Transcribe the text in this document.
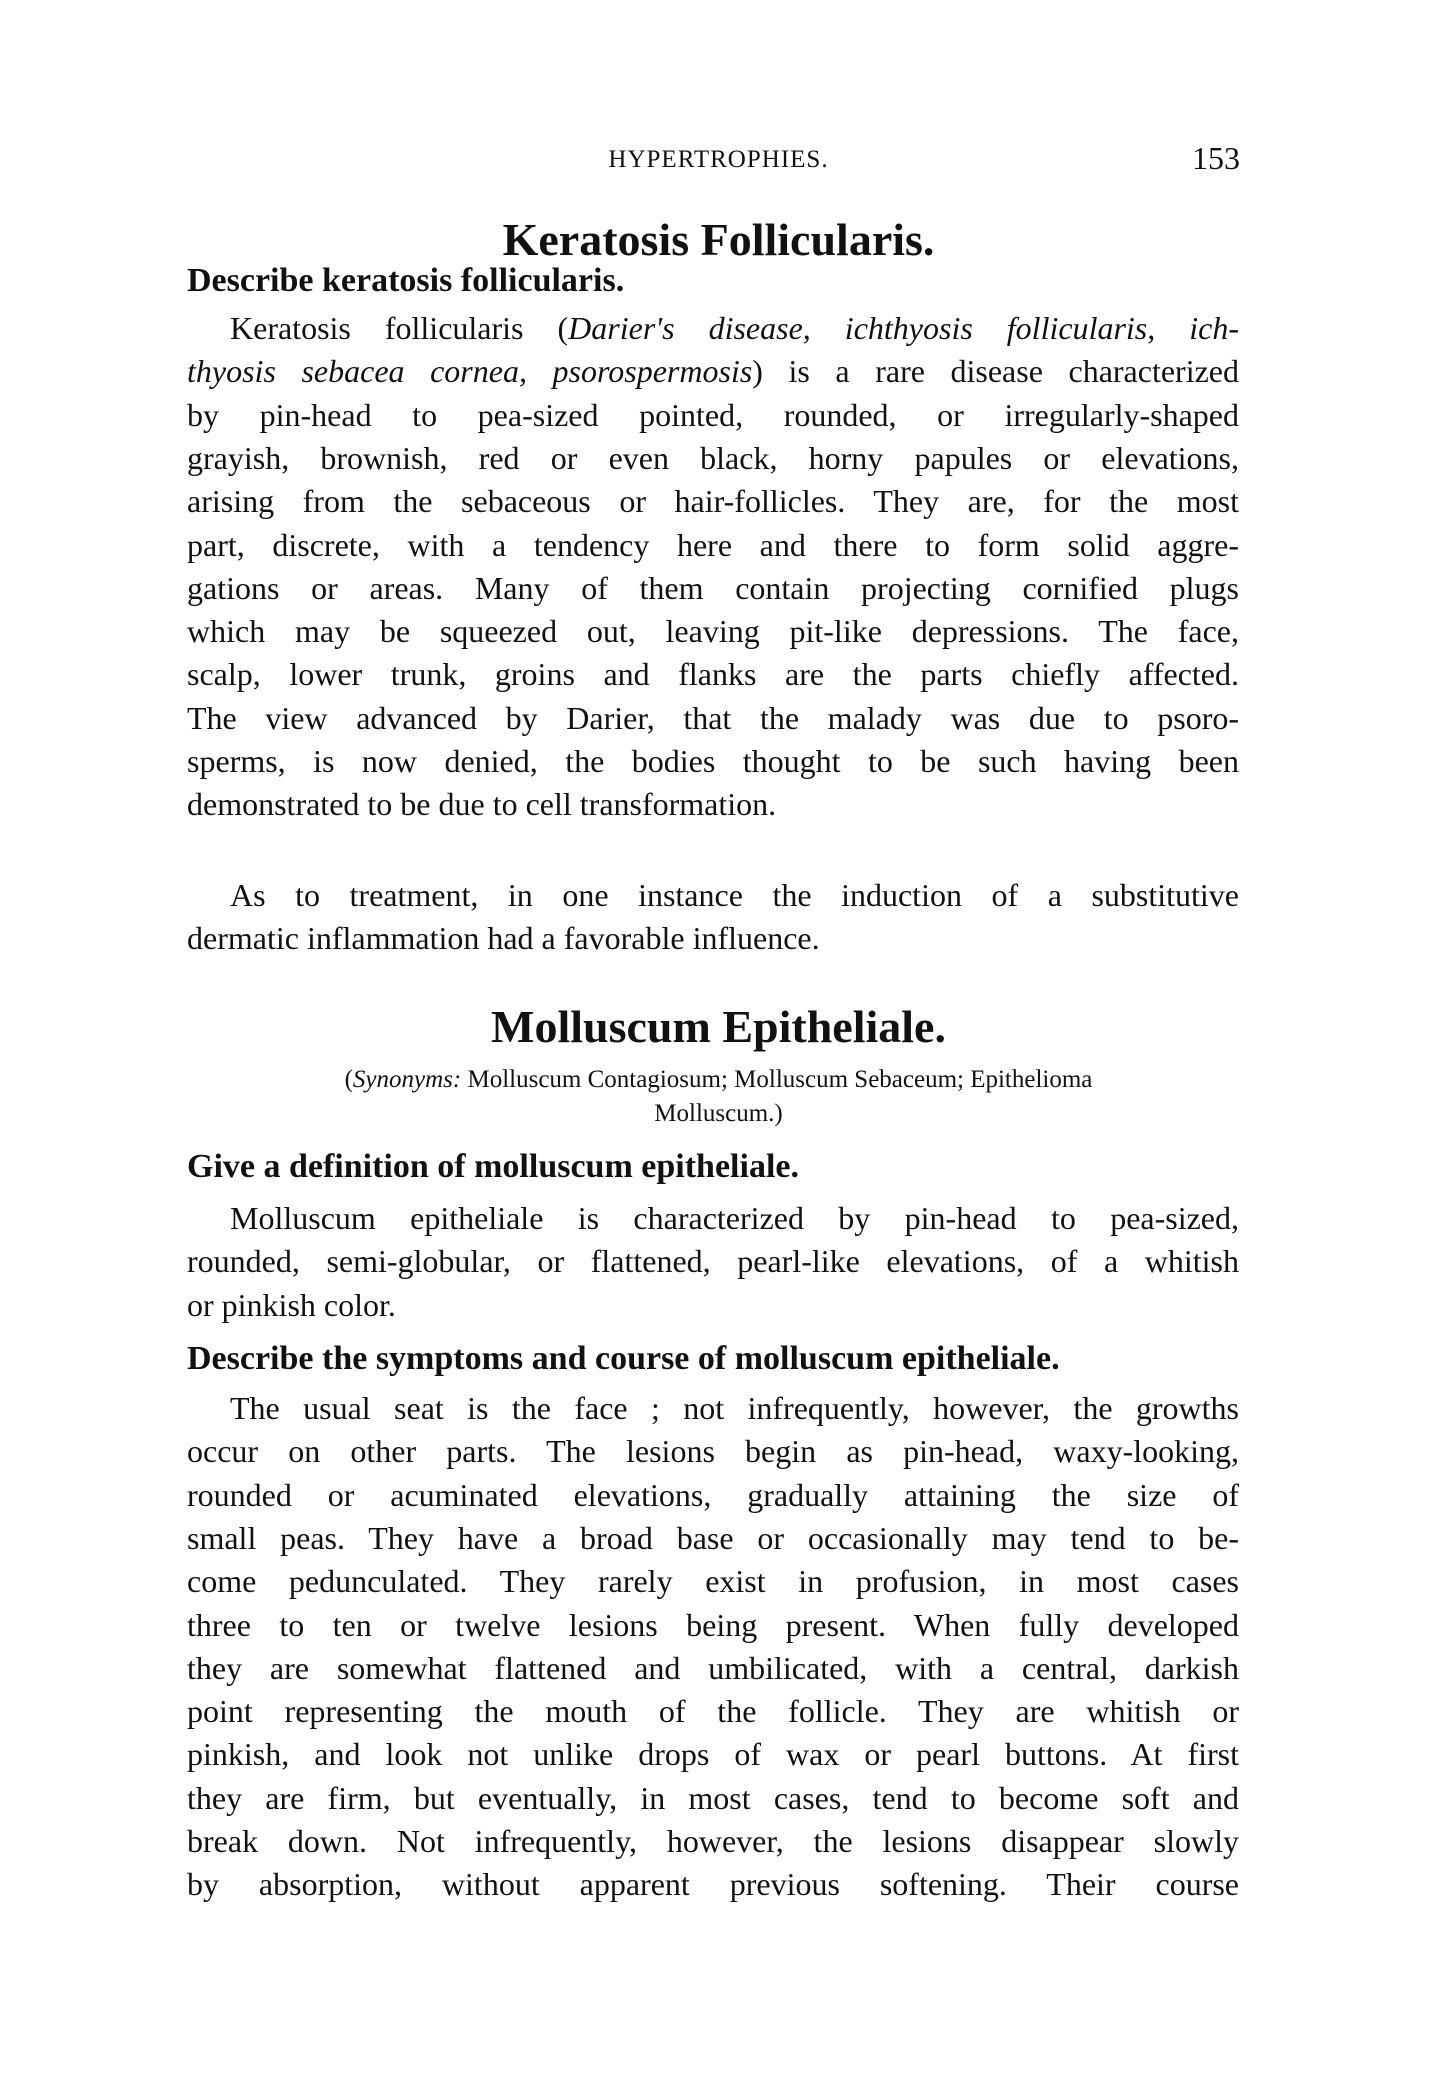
HYPERTROPHIES.	153
Keratosis Follicularis.
Describe keratosis follicularis.
Keratosis follicularis (Darier's disease, ichthyosis follicularis, ich-
thyosis sebacea cornea, psorospermosis) is a rare disease characterized
by pin-head to pea-sized pointed, rounded, or irregularly-shaped
grayish, brownish, red or even black, horny papules or elevations,
arising from the sebaceous or hair-follicles. They are, for the most
part, discrete, with a tendency here and there to form solid aggre-
gations or areas. Many of them contain projecting cornified plugs
which may be squeezed out, leaving pit-like depressions. The face,
scalp, lower trunk, groins and flanks are the parts chiefly affected.
The view advanced by Darier, that the malady was due to psoro-
sperms, is now denied, the bodies thought to be such having been
demonstrated to be due to cell transformation.
As to treatment, in one instance the induction of a substitutive
dermatic inflammation had a favorable influence.
Molluscum Epitheliale.
(Synonyms: Molluscum Contagiosum; Molluscum Sebaceum; Epithelioma
Molluscum.)
Give a definition of molluscum epitheliale.
Molluscum epitheliale is characterized by pin-head to pea-sized,
rounded, semi-globular, or flattened, pearl-like elevations, of a whitish
or pinkish color.
Describe the symptoms and course of molluscum epitheliale.
The usual seat is the face ; not infrequently, however, the growths
occur on other parts. The lesions begin as pin-head, waxy-looking,
rounded or acuminated elevations, gradually attaining the size of
small peas. They have a broad base or occasionally may tend to be-
come pedunculated. They rarely exist in profusion, in most cases
three to ten or twelve lesions being present. When fully developed
they are somewhat flattened and umbilicated, with a central, darkish
point representing the mouth of the follicle. They are whitish or
pinkish, and look not unlike drops of wax or pearl buttons. At first
they are firm, but eventually, in most cases, tend to become soft and
break down. Not infrequently, however, the lesions disappear slowly
by absorption, without apparent previous softening. Their course
